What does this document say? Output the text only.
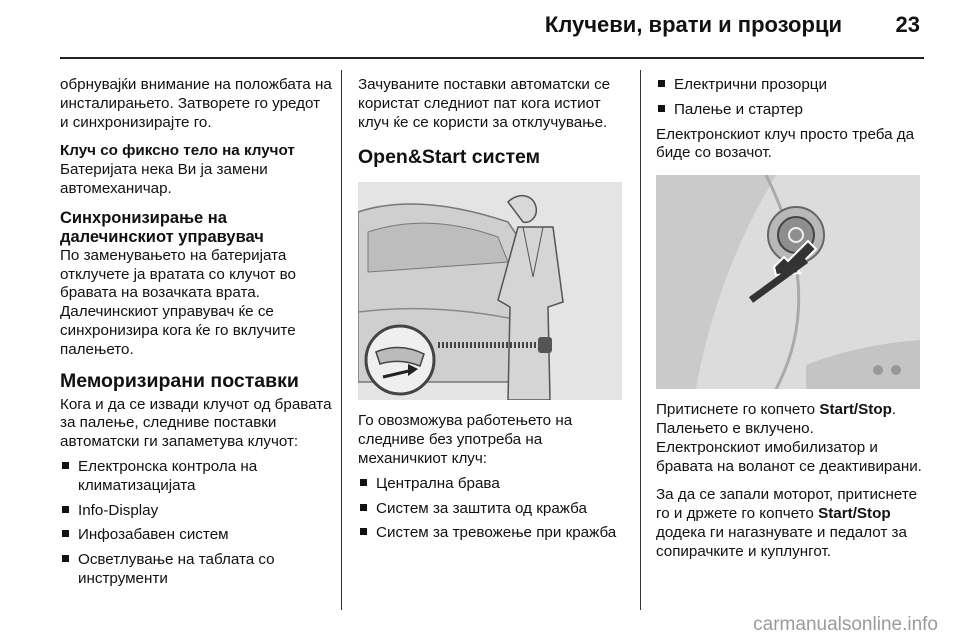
Клучеви, врати и прозорци 23

обрнувајќи внимание на положбата на инсталирањето. Затворете го уредот и синхронизирајте го.

Клуч со фиксно тело на клучот

Батеријата нека Ви ја замени автомеханичар.

Синхронизирање на далечинскиот управувач

По заменувањето на батеријата отклучете ја вратата со клучот во бравата на возачката врата. Далечинскиот управувач ќе се синхронизира кога ќе го вклучите палењето.

Меморизирани поставки

Кога и да се извади клучот од бравата за палење, следниве поставки автоматски ги запаметува клучот:

Електронска контрола на климатизацијата
Info-Display
Инфозабавен систем
Осветлување на таблата со инструменти

Зачуваните поставки автоматски се користат следниот пат кога истиот клуч ќе се користи за отклучување.

Open&Start систем

Го овозможува работењето на следниве без употреба на механичкиот клуч:

Централна брава
Систем за заштита од кражба
Систем за тревожење при кражба
Електрични прозорци
Палење и стартер

Електронскиот клуч просто треба да биде со возачот.

Притиснете го копчето Start/Stop.

Палењето е вклучено.

Електронскиот имобилизатор и бравата на воланот се деактивирани.

За да се запали моторот, притиснете го и држете го копчето Start/Stop додека ги нагазнувате и педалот за сопирачките и куплунгот.

carmanualsonline.info
